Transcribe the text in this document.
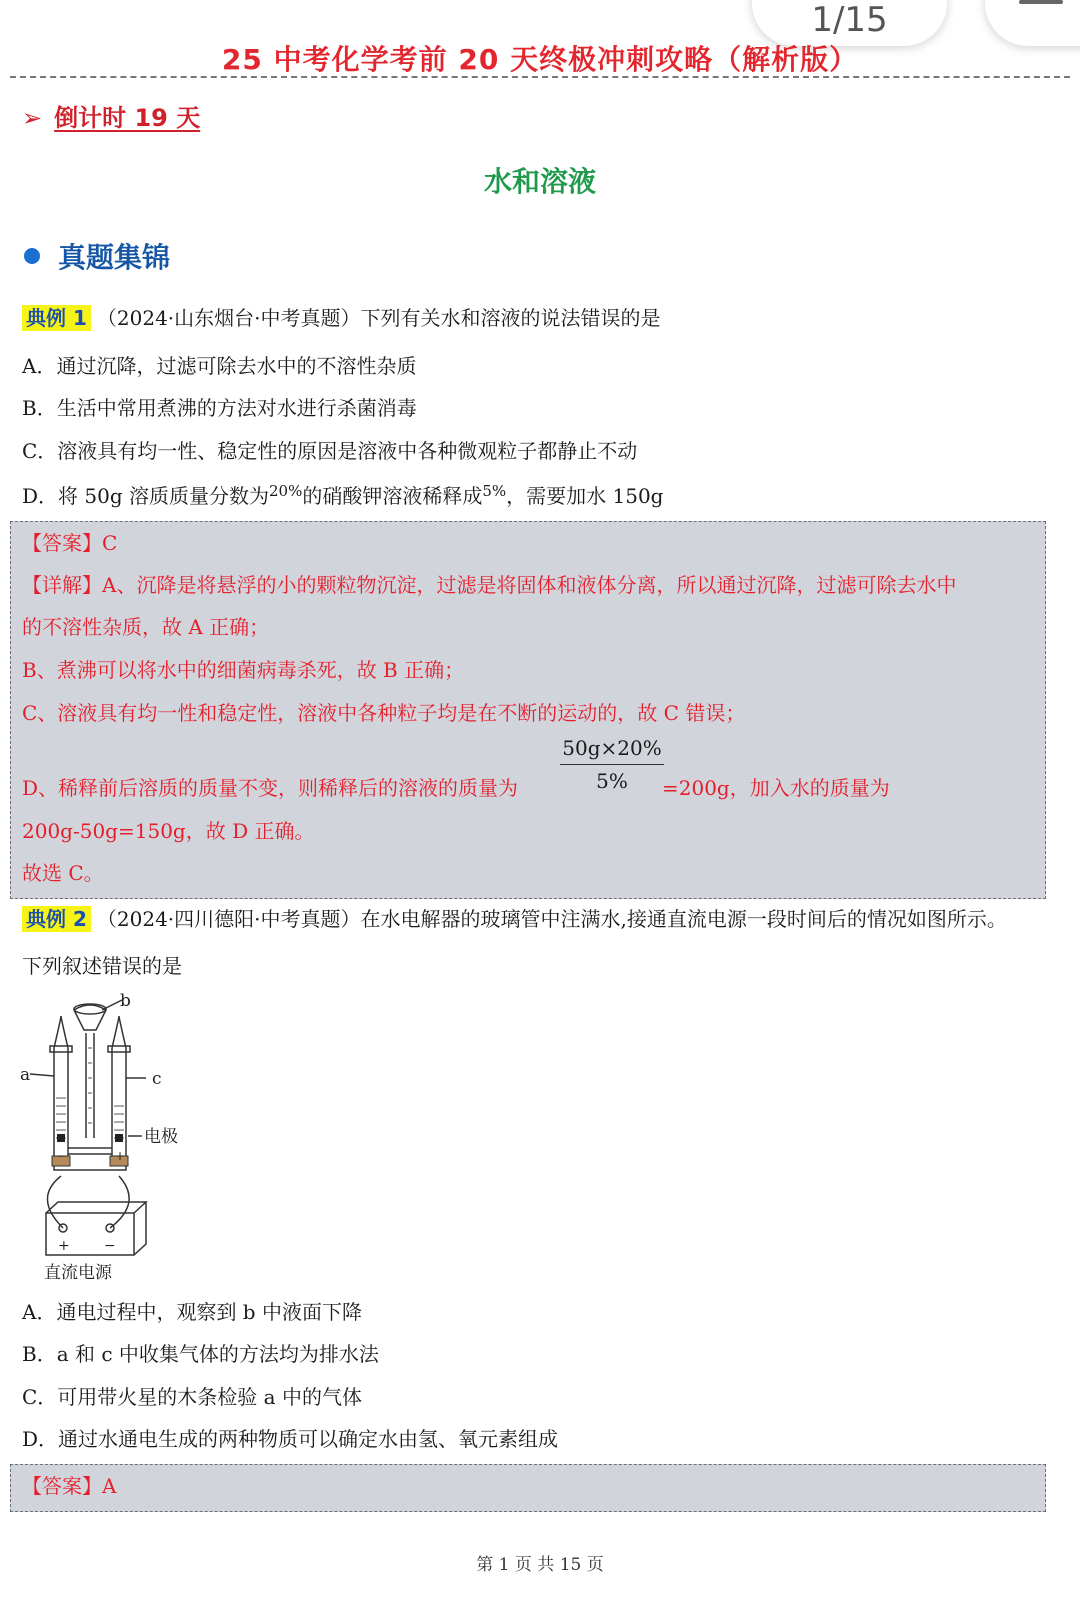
1/15
25 中考化学考前 20 天终极冲刺攻略（解析版）
➢ 倒计时 19 天
水和溶液
真题集锦
典例 1 （2024·山东烟台·中考真题）下列有关水和溶液的说法错误的是
A．通过沉降，过滤可除去水中的不溶性杂质
B．生活中常用煮沸的方法对水进行杀菌消毒
C．溶液具有均一性、稳定性的原因是溶液中各种微观粒子都静止不动
D．将 50g 溶质质量分数为$^{20\%}$的硝酸钾溶液稀释成$^{5\%}$，需要加水 150g
【答案】C
【详解】A、沉降是将悬浮的小的颗粒物沉淀，过滤是将固体和液体分离，所以通过沉降，过滤可除去水中
的不溶性杂质，故 A 正确；
B、煮沸可以将水中的细菌病毒杀死，故 B 正确；
C、溶液具有均一性和稳定性，溶液中各种粒子均是在不断的运动的，故 C 错误；
D、稀释前后溶质的质量不变，则稀释后的溶液的质量为 $\frac{50g\times 20\%}{5\%}$
=200g，加入水的质量为
200g-50g=150g，故 D 正确。
故选 C。
典例 2 （2024·四川德阳·中考真题）在水电解器的玻璃管中注满水,接通直流电源一段时间后的情况如图所示。
下列叙述错误的是
a
b
c
电极
直流电源
+ −
−	+
A．通电过程中，观察到 b 中液面下降
B．a 和 c 中收集气体的方法均为排水法
C．可用带火星的木条检验 a 中的气体
D．通过水通电生成的两种物质可以确定水由氢、氧元素组成
【答案】A
第 1 页 共 15 页
